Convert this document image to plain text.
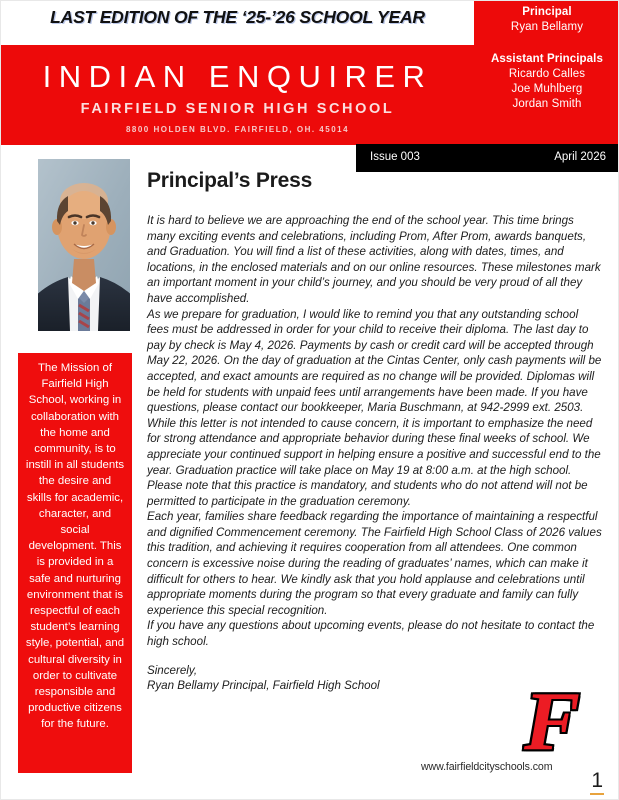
LAST EDITION OF THE ‘25-’26 SCHOOL YEAR
INDIAN ENQUIRER
FAIRFIELD SENIOR HIGH SCHOOL
8800 HOLDEN BLVD. FAIRFIELD, OH. 45014
Principal
Ryan Bellamy
Assistant Principals
Ricardo Calles
Joe Muhlberg
Jordan Smith
Issue 003	April 2026
Principal’s Press

It is hard to believe we are approaching the end of the school year. This time brings many exciting events and celebrations, including Prom, After Prom, awards banquets, and Graduation. You will find a list of these activities, along with dates, times, and locations, in the enclosed materials and on our online resources. These milestones mark an important moment in your child’s journey, and you should be very proud of all they have accomplished.

As we prepare for graduation, I would like to remind you that any outstanding school fees must be addressed in order for your child to receive their diploma. The last day to pay by check is May 4, 2026. Payments by cash or credit card will be accepted through May 22, 2026. On the day of graduation at the Cintas Center, only cash payments will be accepted, and exact amounts are required as no change will be provided. Diplomas will be held for students with unpaid fees until arrangements have been made. If you have questions, please contact our bookkeeper, Maria Buschmann, at 942-2999 ext. 2503.

While this letter is not intended to cause concern, it is important to emphasize the need for strong attendance and appropriate behavior during these final weeks of school. We appreciate your continued support in helping ensure a positive and successful end to the year. Graduation practice will take place on May 19 at 8:00 a.m. at the high school. Please note that this practice is mandatory, and students who do not attend will not be permitted to participate in the graduation ceremony.

Each year, families share feedback regarding the importance of maintaining a respectful and dignified Commencement ceremony. The Fairfield High School Class of 2026 values this tradition, and achieving it requires cooperation from all attendees. One common concern is excessive noise during the reading of graduates’ names, which can make it difficult for others to hear. We kindly ask that you hold applause and celebrations until appropriate moments during the program so that every graduate and family can fully experience this special recognition.

If you have any questions about upcoming events, please do not hesitate to contact the high school.

Sincerely,

Ryan Bellamy Principal, Fairfield High School

The Mission of Fairfield High School, working in collaboration with the home and community, is to instill in all students the desire and skills for academic, character, and social development. This is provided in a safe and nurturing environment that is respectful of each student’s learning style, potential, and cultural diversity in order to cultivate responsible and productive citizens for the future.	F
www.fairfieldcityschools.com
1
